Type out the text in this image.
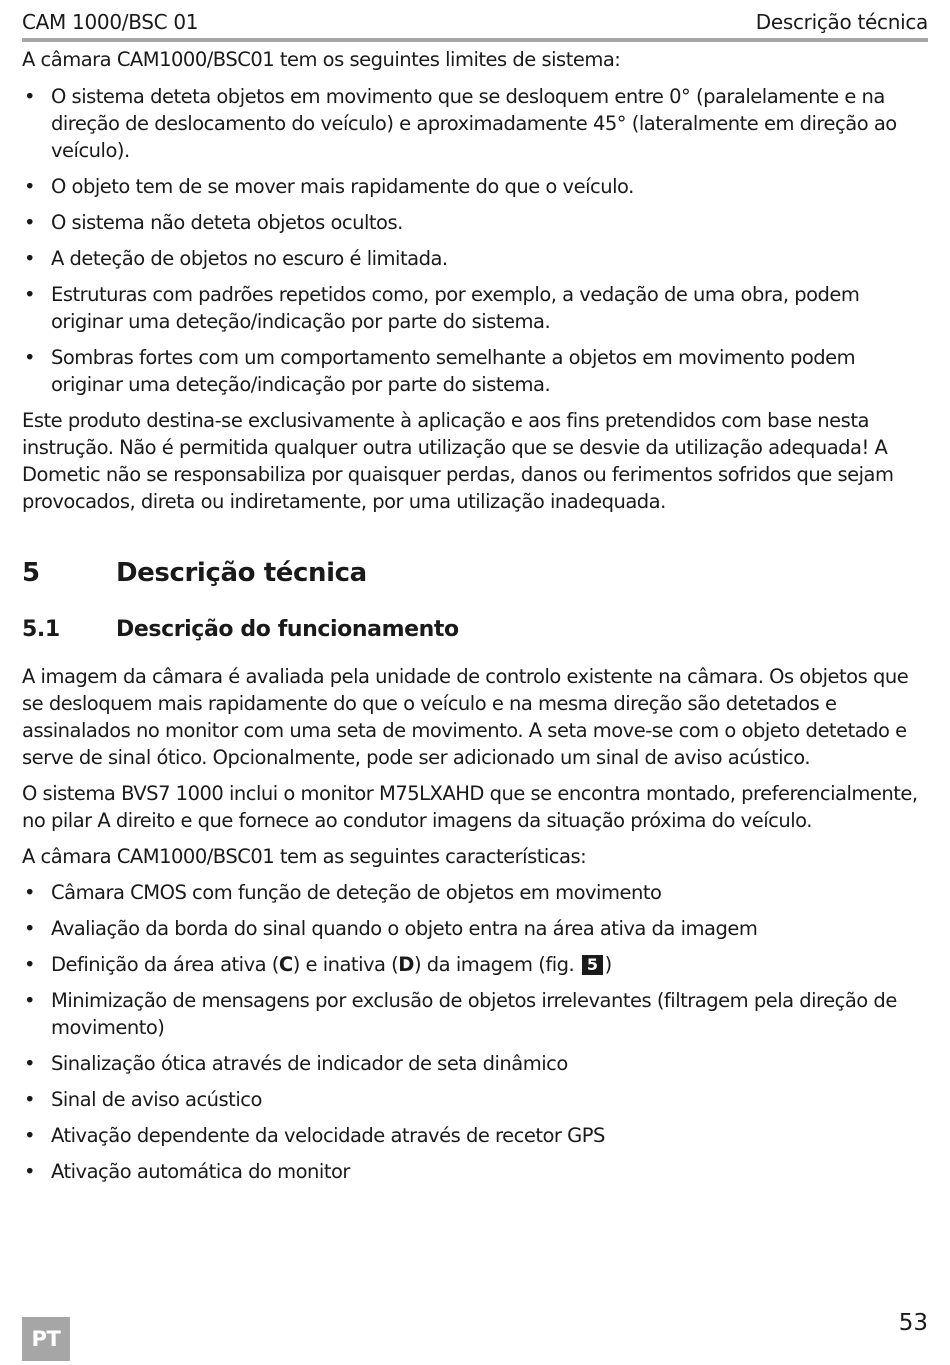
CAM 1000/BSC 01	Descrição técnica

A câmara CAM1000/BSC01 tem os seguintes limites de sistema:

• O sistema deteta objetos em movimento que se desloquem entre 0° (paralelamente e na direção de deslocamento do veículo) e aproximadamente 45° (lateralmente em direção ao veículo).
• O objeto tem de se mover mais rapidamente do que o veículo.
• O sistema não deteta objetos ocultos.
• A deteção de objetos no escuro é limitada.
• Estruturas com padrões repetidos como, por exemplo, a vedação de uma obra, podem originar uma deteção/indicação por parte do sistema.
• Sombras fortes com um comportamento semelhante a objetos em movimento podem originar uma deteção/indicação por parte do sistema.

Este produto destina-se exclusivamente à aplicação e aos fins pretendidos com base nesta instrução. Não é permitida qualquer outra utilização que se desvie da utilização adequada! A Dometic não se responsabiliza por quaisquer perdas, danos ou ferimentos sofridos que sejam provocados, direta ou indiretamente, por uma utilização inadequada.

5	Descrição técnica
5.1	Descrição do funcionamento

A imagem da câmara é avaliada pela unidade de controlo existente na câmara. Os objetos que se desloquem mais rapidamente do que o veículo e na mesma direção são detetados e assinalados no monitor com uma seta de movimento. A seta move-se com o objeto detetado e serve de sinal ótico. Opcionalmente, pode ser adicionado um sinal de aviso acústico.

O sistema BVS7 1000 inclui o monitor M75LXAHD que se encontra montado, preferencialmente, no pilar A direito e que fornece ao condutor imagens da situação próxima do veículo.

A câmara CAM1000/BSC01 tem as seguintes características:

• Câmara CMOS com função de deteção de objetos em movimento
• Avaliação da borda do sinal quando o objeto entra na área ativa da imagem
• Definição da área ativa (C) e inativa (D) da imagem (fig. 5 )
• Minimização de mensagens por exclusão de objetos irrelevantes (filtragem pela direção de movimento)
• Sinalização ótica através de indicador de seta dinâmico
• Sinal de aviso acústico
• Ativação dependente da velocidade através de recetor GPS
• Ativação automática do monitor
PT
53
